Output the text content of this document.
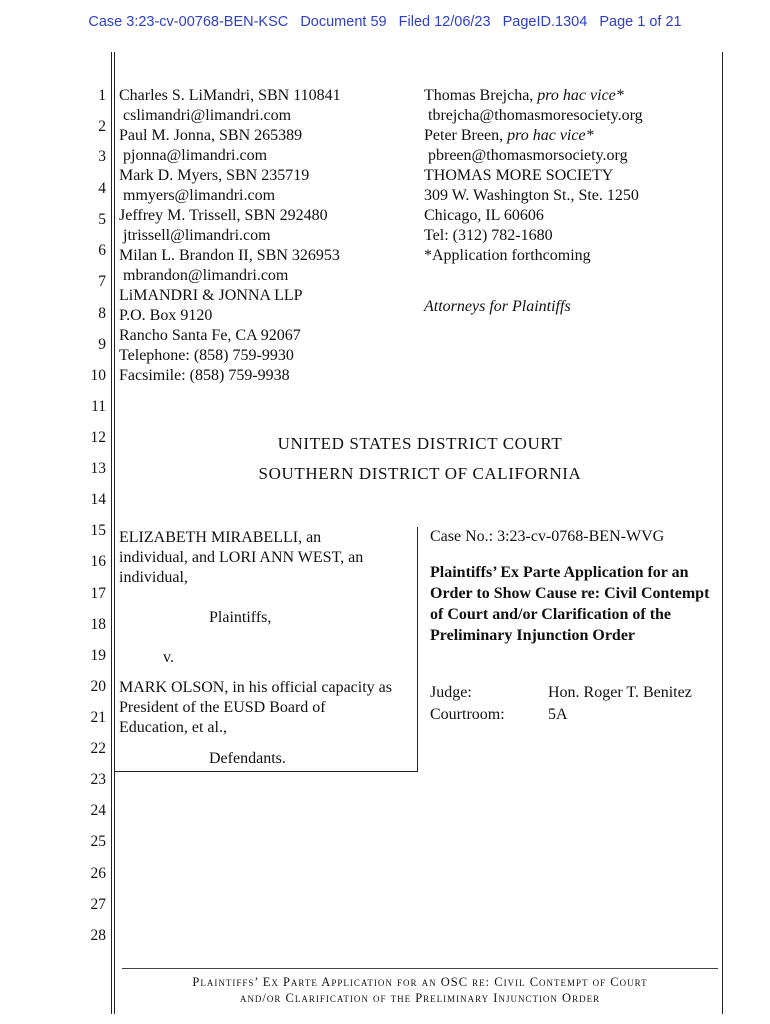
Case 3:23-cv-00768-BEN-KSC   Document 59   Filed 12/06/23   PageID.1304   Page 1 of 21
1
2
3
4
5
6
7
8
9
10
11
12
13
14
15
16
17
18
19
20
21
22
23
24
25
26
27
28
Charles S. LiMandri, SBN 110841
cslimandri@limandri.com
Paul M. Jonna, SBN 265389
pjonna@limandri.com
Mark D. Myers, SBN 235719
mmyers@limandri.com
Jeffrey M. Trissell, SBN 292480
jtrissell@limandri.com
Milan L. Brandon II, SBN 326953
mbrandon@limandri.com
LiMANDRI & JONNA LLP
P.O. Box 9120
Rancho Santa Fe, CA 92067
Telephone: (858) 759-9930
Facsimile: (858) 759-9938
Thomas Brejcha, pro hac vice*
tbrejcha@thomasmoresociety.org
Peter Breen, pro hac vice*
pbreen@thomasmorsociety.org
THOMAS MORE SOCIETY
309 W. Washington St., Ste. 1250
Chicago, IL 60606
Tel: (312) 782-1680
*Application forthcoming
Attorneys for Plaintiffs
UNITED STATES DISTRICT COURT
SOUTHERN DISTRICT OF CALIFORNIA
ELIZABETH MIRABELLI, an
individual, and LORI ANN WEST, an
individual,
Plaintiffs,
v.
MARK OLSON, in his official capacity as
President of the EUSD Board of
Education, et al.,
Defendants.
Case No.: 3:23-cv-0768-BEN-WVG
Plaintiffs’ Ex Parte Application for an Order to Show Cause re: Civil Contempt of Court and/or Clarification of the Preliminary Injunction Order
Judge:	Hon. Roger T. Benitez
Courtroom:	5A
Plaintiffs’ Ex Parte Application for an OSC re: Civil Contempt of Court
and/or Clarification of the Preliminary Injunction Order
